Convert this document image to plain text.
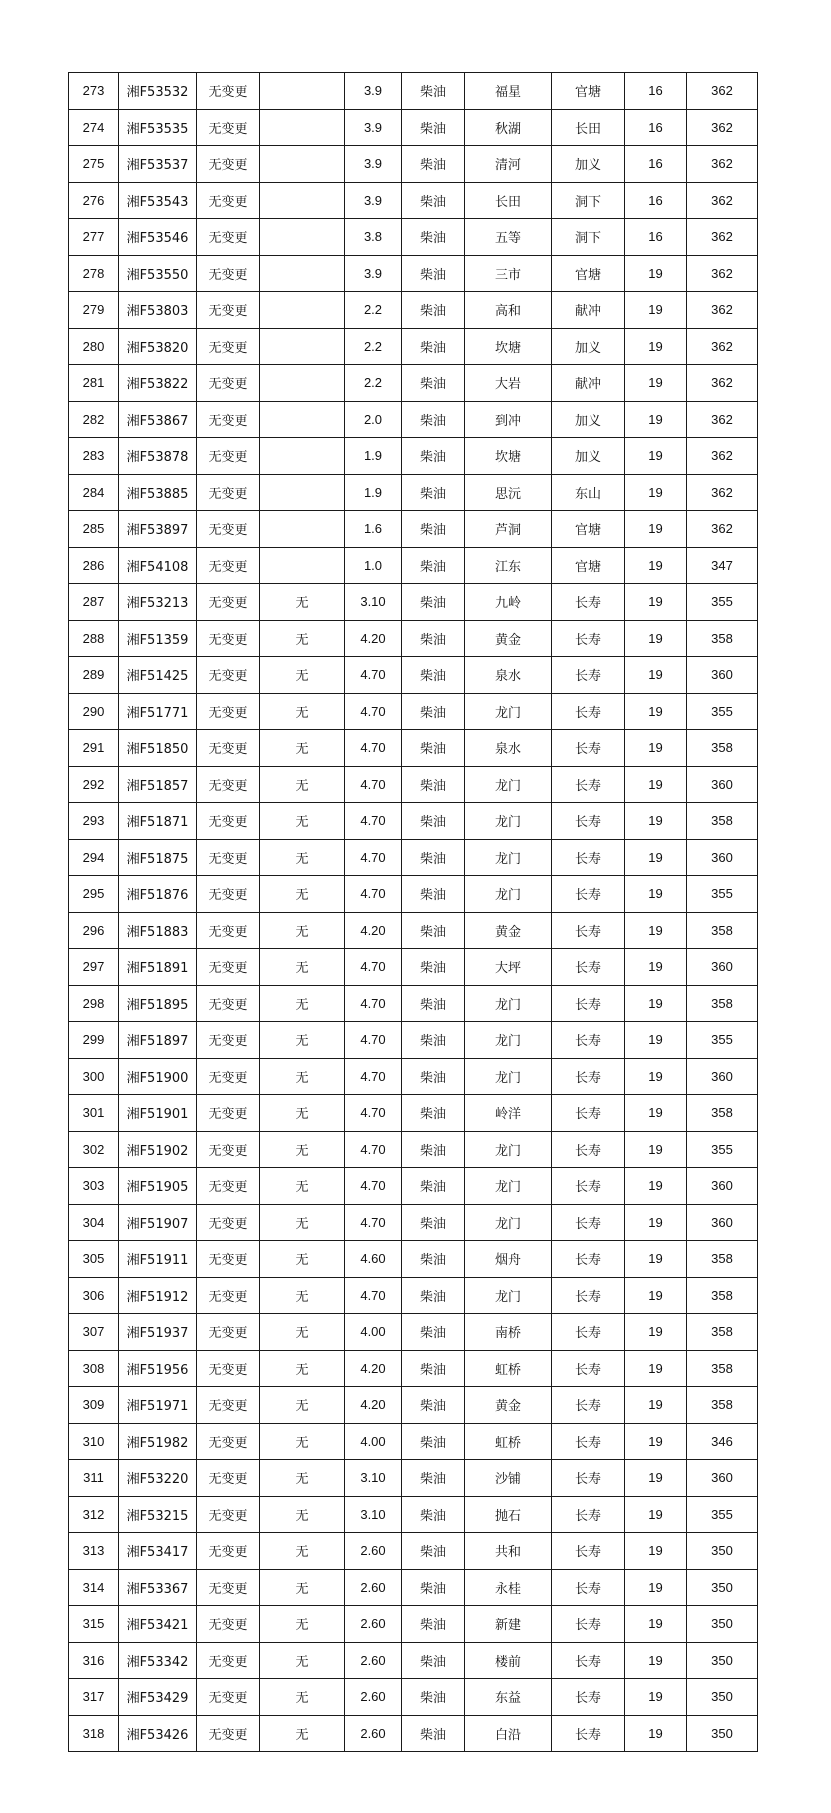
273	湘F53532	无变更		3.9	柴油	福星	官塘	16	362
274	湘F53535	无变更		3.9	柴油	秋湖	长田	16	362
275	湘F53537	无变更		3.9	柴油	清河	加义	16	362
276	湘F53543	无变更		3.9	柴油	长田	洞下	16	362
277	湘F53546	无变更		3.8	柴油	五等	洞下	16	362
278	湘F53550	无变更		3.9	柴油	三市	官塘	19	362
279	湘F53803	无变更		2.2	柴油	高和	献冲	19	362
280	湘F53820	无变更		2.2	柴油	坎塘	加义	19	362
281	湘F53822	无变更		2.2	柴油	大岩	献冲	19	362
282	湘F53867	无变更		2.0	柴油	到冲	加义	19	362
283	湘F53878	无变更		1.9	柴油	坎塘	加义	19	362
284	湘F53885	无变更		1.9	柴油	思沅	东山	19	362
285	湘F53897	无变更		1.6	柴油	芦洞	官塘	19	362
286	湘F54108	无变更		1.0	柴油	江东	官塘	19	347
287	湘F53213	无变更	无	3.10	柴油	九岭	长寿	19	355
288	湘F51359	无变更	无	4.20	柴油	黄金	长寿	19	358
289	湘F51425	无变更	无	4.70	柴油	泉水	长寿	19	360
290	湘F51771	无变更	无	4.70	柴油	龙门	长寿	19	355
291	湘F51850	无变更	无	4.70	柴油	泉水	长寿	19	358
292	湘F51857	无变更	无	4.70	柴油	龙门	长寿	19	360
293	湘F51871	无变更	无	4.70	柴油	龙门	长寿	19	358
294	湘F51875	无变更	无	4.70	柴油	龙门	长寿	19	360
295	湘F51876	无变更	无	4.70	柴油	龙门	长寿	19	355
296	湘F51883	无变更	无	4.20	柴油	黄金	长寿	19	358
297	湘F51891	无变更	无	4.70	柴油	大坪	长寿	19	360
298	湘F51895	无变更	无	4.70	柴油	龙门	长寿	19	358
299	湘F51897	无变更	无	4.70	柴油	龙门	长寿	19	355
300	湘F51900	无变更	无	4.70	柴油	龙门	长寿	19	360
301	湘F51901	无变更	无	4.70	柴油	岭洋	长寿	19	358
302	湘F51902	无变更	无	4.70	柴油	龙门	长寿	19	355
303	湘F51905	无变更	无	4.70	柴油	龙门	长寿	19	360
304	湘F51907	无变更	无	4.70	柴油	龙门	长寿	19	360
305	湘F51911	无变更	无	4.60	柴油	烟舟	长寿	19	358
306	湘F51912	无变更	无	4.70	柴油	龙门	长寿	19	358
307	湘F51937	无变更	无	4.00	柴油	南桥	长寿	19	358
308	湘F51956	无变更	无	4.20	柴油	虹桥	长寿	19	358
309	湘F51971	无变更	无	4.20	柴油	黄金	长寿	19	358
310	湘F51982	无变更	无	4.00	柴油	虹桥	长寿	19	346
311	湘F53220	无变更	无	3.10	柴油	沙铺	长寿	19	360
312	湘F53215	无变更	无	3.10	柴油	抛石	长寿	19	355
313	湘F53417	无变更	无	2.60	柴油	共和	长寿	19	350
314	湘F53367	无变更	无	2.60	柴油	永桂	长寿	19	350
315	湘F53421	无变更	无	2.60	柴油	新建	长寿	19	350
316	湘F53342	无变更	无	2.60	柴油	楼前	长寿	19	350
317	湘F53429	无变更	无	2.60	柴油	东益	长寿	19	350
318	湘F53426	无变更	无	2.60	柴油	白沿	长寿	19	350
